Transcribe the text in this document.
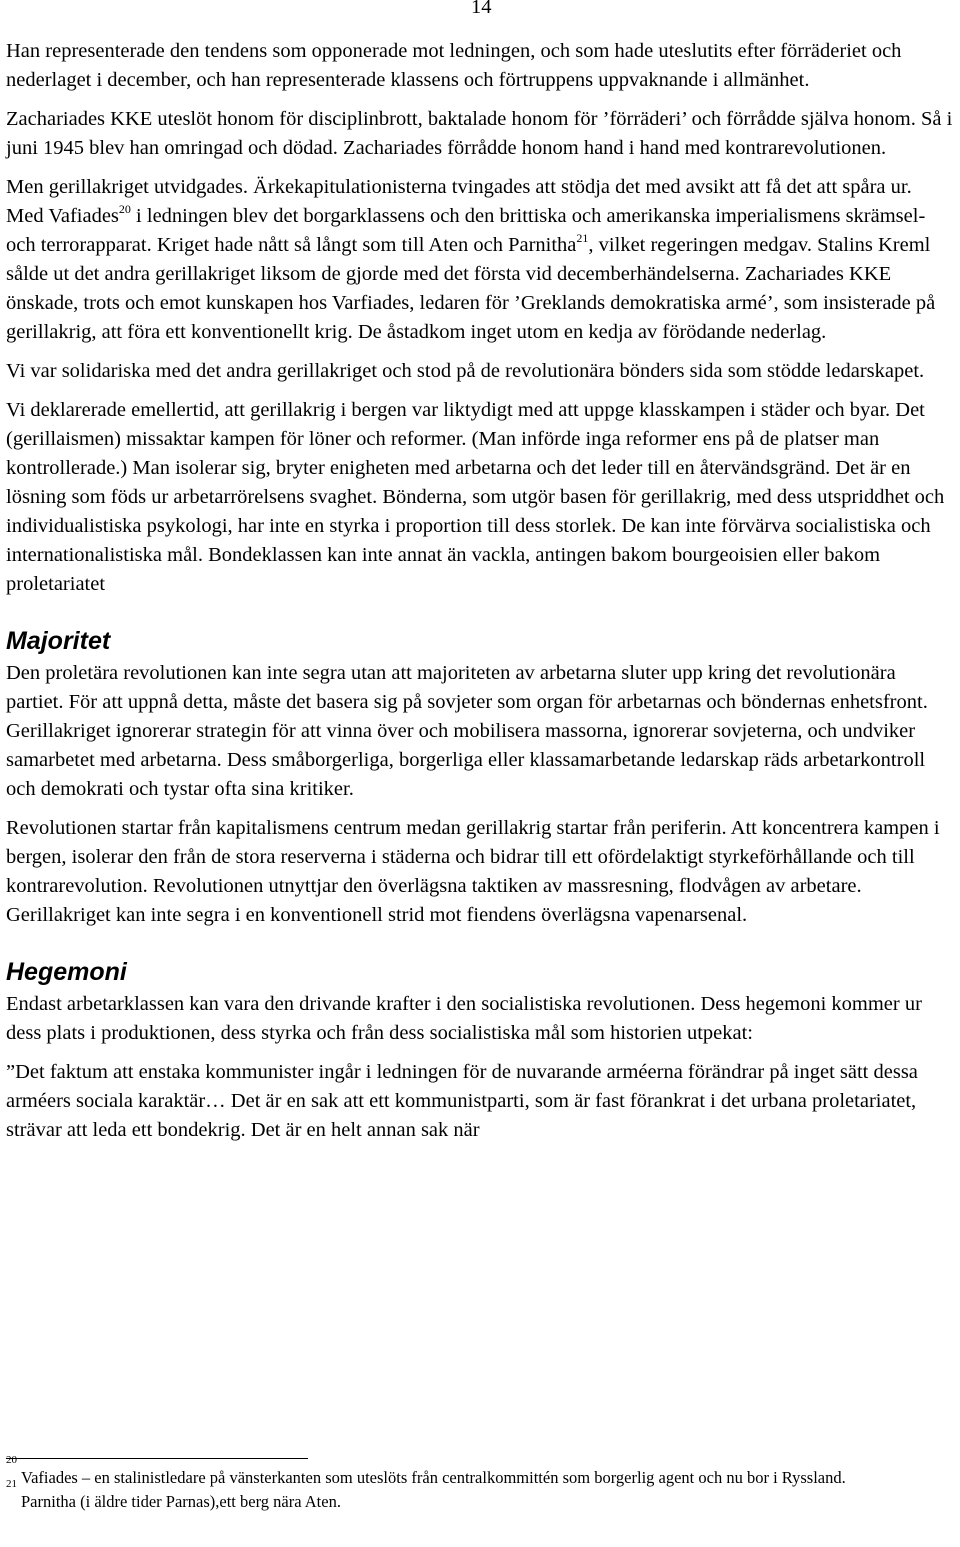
14

Han representerade den tendens som opponerade mot ledningen, och som hade uteslutits efter förräderiet och nederlaget i december, och han representerade klassens och förtruppens uppvaknande i allmänhet.

Zachariades KKE uteslöt honom för disciplinbrott, baktalade honom för ’förräderi’ och förrådde själva honom. Så i juni 1945 blev han omringad och dödad. Zachariades förrådde honom hand i hand med kontrarevolutionen.

Men gerillakriget utvidgades. Ärkekapitulationisterna tvingades att stödja det med avsikt att få det att spåra ur. Med Vafiades$^{20}$ i ledningen blev det borgarklassens och den brittiska och amerikanska imperialismens skrämsel- och terrorapparat. Kriget hade nått så långt som till Aten och Parnitha$^{21}$, vilket regeringen medgav. Stalins Kreml sålde ut det andra gerillakriget liksom de gjorde med det första vid decemberhändelserna. Zachariades KKE önskade, trots och emot kunskapen hos Varfiades, ledaren för ’Greklands demokratiska armé’, som insisterade på gerillakrig, att föra ett konventionellt krig. De åstadkom inget utom en kedja av förödande nederlag.

Vi var solidariska med det andra gerillakriget och stod på de revolutionära bönders sida som stödde ledarskapet.

Vi deklarerade emellertid, att gerillakrig i bergen var liktydigt med att uppge klasskampen i städer och byar. Det (gerillaismen) missaktar kampen för löner och reformer. (Man införde inga reformer ens på de platser man kontrollerade.) Man isolerar sig, bryter enigheten med arbetarna och det leder till en återvändsgränd. Det är en lösning som föds ur arbetarrörelsens svaghet. Bönderna, som utgör basen för gerillakrig, med dess utspriddhet och individualistiska psykologi, har inte en styrka i proportion till dess storlek. De kan inte förvärva socialistiska och internationalistiska mål. Bondeklassen kan inte annat än vackla, antingen bakom bourgeoisien eller bakom proletariatet

Majoritet

Den proletära revolutionen kan inte segra utan att majoriteten av arbetarna sluter upp kring det revolutionära partiet. För att uppnå detta, måste det basera sig på sovjeter som organ för arbetarnas och böndernas enhetsfront. Gerillakriget ignorerar strategin för att vinna över och mobilisera massorna, ignorerar sovjeterna, och undviker samarbetet med arbetarna. Dess småborgerliga, borgerliga eller klassamarbetande ledarskap räds arbetarkontroll och demokrati och tystar ofta sina kritiker.

Revolutionen startar från kapitalismens centrum medan gerillakrig startar från periferin. Att koncentrera kampen i bergen, isolerar den från de stora reserverna i städerna och bidrar till ett ofördelaktigt styrkeförhållande och till kontrarevolution. Revolutionen utnyttjar den överlägsna taktiken av massresning, flodvågen av arbetare. Gerillakriget kan inte segra i en konventionell strid mot fiendens överlägsna vapenarsenal.

Hegemoni

Endast arbetarklassen kan vara den drivande krafter i den socialistiska revolutionen. Dess hegemoni kommer ur dess plats i produktionen, dess styrka och från dess socialistiska mål som historien utpekat:

”Det faktum att enstaka kommunister ingår i ledningen för de nuvarande arméerna förändrar på inget sätt dessa arméers sociala karaktär… Det är en sak att ett kommunistparti, som är fast förankrat i det urbana proletariatet, strävar att leda ett bondekrig. Det är en helt annan sak när

$^{20}$Vafiades – en stalinistledare på vänsterkanten som uteslöts från centralkommittén som borgerlig agent och nu bor i Ryssland.

$^{21}$Parnitha (i äldre tider Parnas),ett berg nära Aten.
